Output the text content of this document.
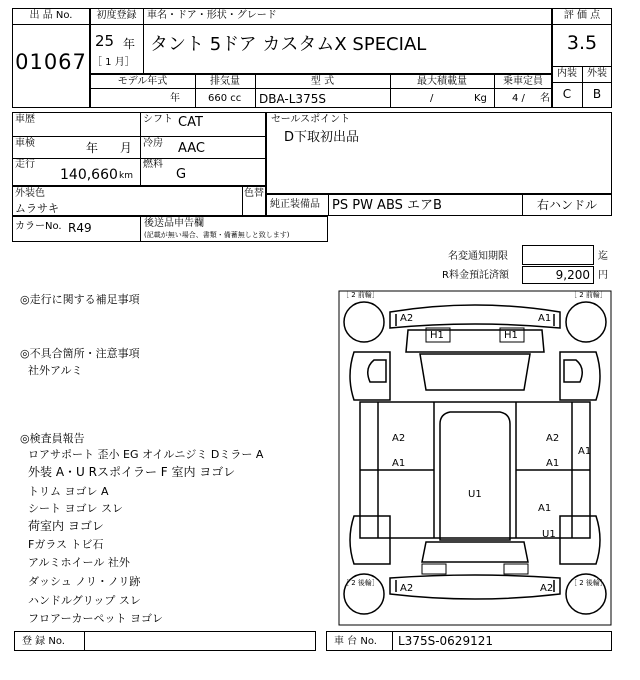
出 品 No.
01067
初度登録
25 年
［ 1 月］
車名・ドア・形状・グレード
タント 5ドア カスタムX SPECIAL
評 価 点
3.5
内装	外装
C	B
モデル年式	排気量	型 式	最大積載量	乗車定員
年	660 cc DBA-L375S	/	Kg	4 / 名
車歴	シフト CAT
車検	年 月 冷房 AAC
走行
140,660 km
燃料
G
セールスポイント
D下取初出品
外装色
ムラサキ
色替
純正装備品 PS PW ABS エアB	右ハンドル
カラーNo. R49	後送品申告欄
(記載が無い場合、書類・備蓄無しと致します)
名変通知期限	迄
R料金預託済額	9,200 円
◎走行に関する補足事項
◎不具合箇所・注意事項
社外アルミ
◎検査員報告
ロアサポート 歪小 EG オイルニジミ Dミラー A
外装 A・U Rスポイラー F 室内 ヨゴレ
トリム ヨゴレ A
シート ヨゴレ スレ
荷室内 ヨゴレ
Fガラス トビ石
アルミホイール 社外
ダッシュ ノリ・ノリ跡
ハンドルグリップ スレ
フロアーカーペット ヨゴレ
［ 2 前輪］	［ 2 前輪］
［ 2 後輪］	［ 2 後輪］
A2	A1
H1	H1
A2
A1
A2
A1
A1
U1
A1
U1
A2	A2
登 録 No.	車 台 No. L375S-0629121
